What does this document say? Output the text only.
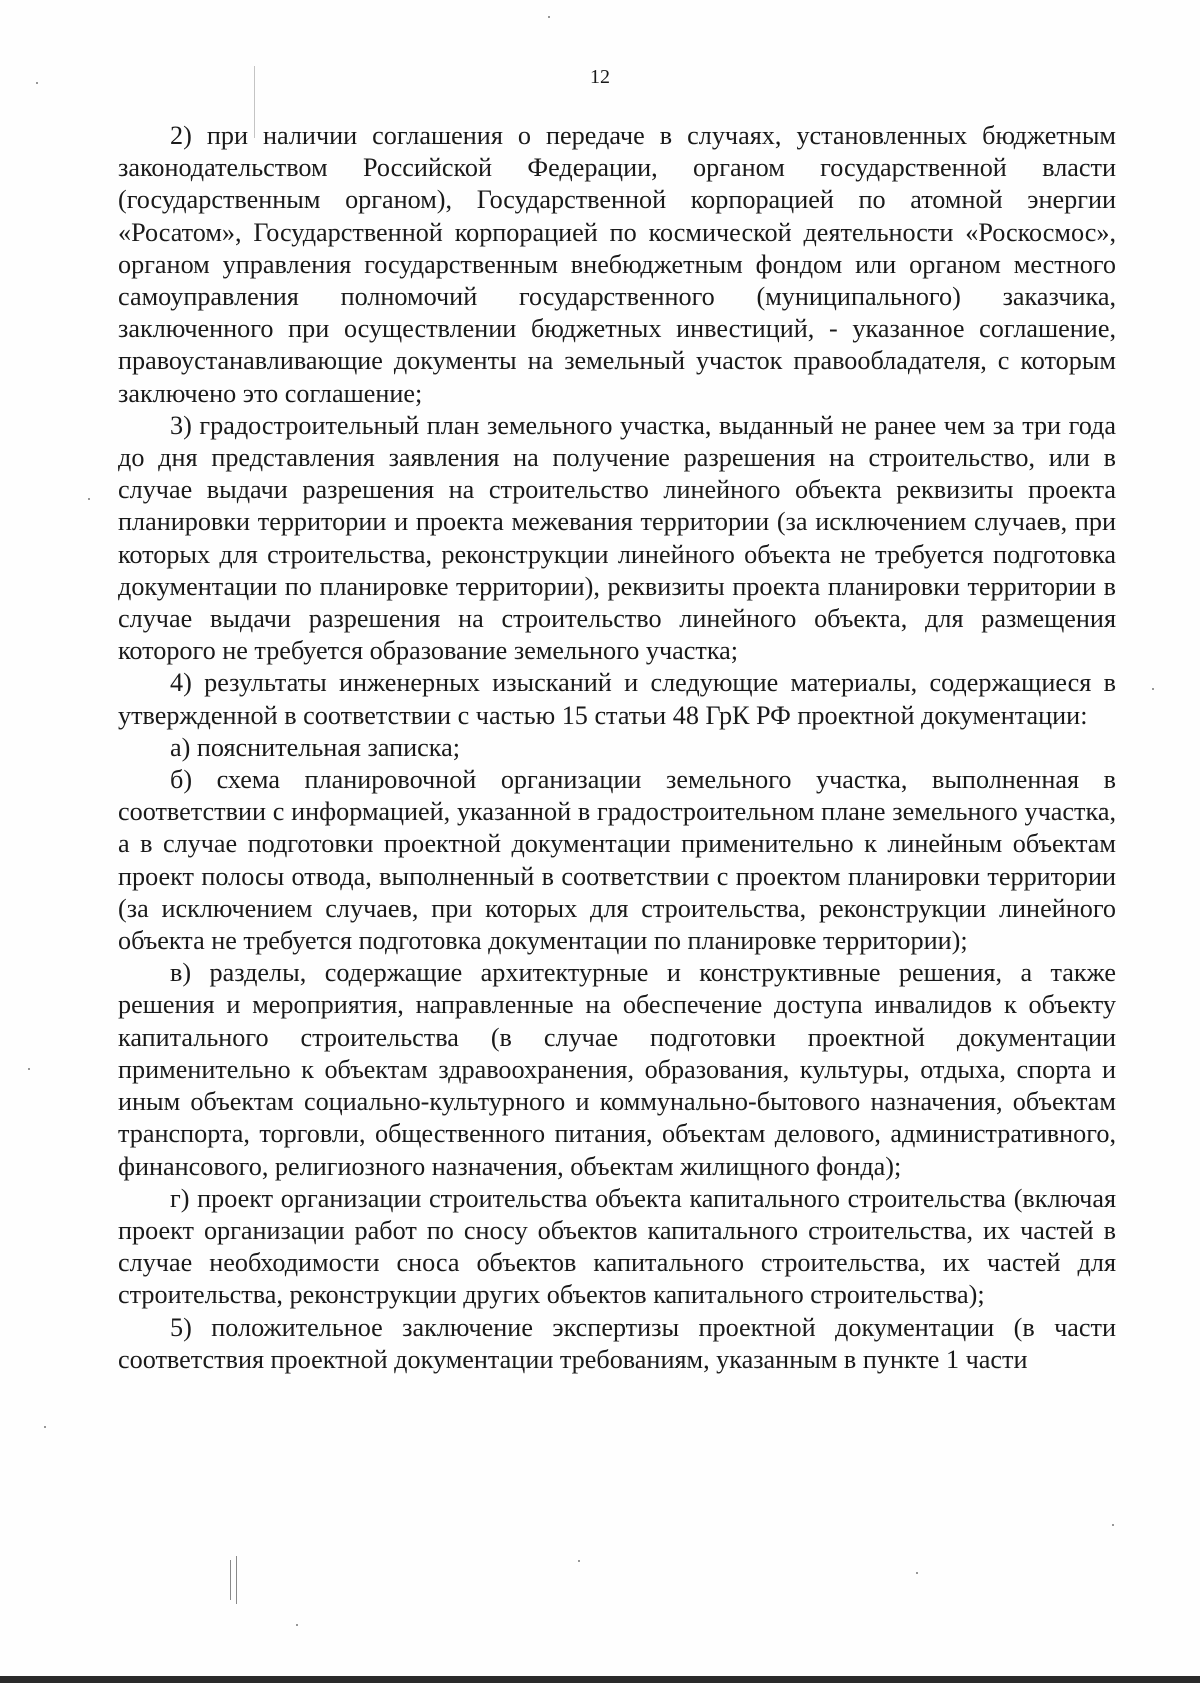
12

2) при наличии соглашения о передаче в случаях, установленных бюджетным законодательством Российской Федерации, органом государственной власти (государственным органом), Государственной корпорацией по атомной энергии «Росатом», Государственной корпорацией по космической деятельности «Роскосмос», органом управления государственным внебюджетным фондом или органом местного самоуправления полномочий государственного (муниципального) заказчика, заключенного при осуществлении бюджетных инвестиций, - указанное соглашение, правоустанавливающие документы на земельный участок правообладателя, с которым заключено это соглашение;

3) градостроительный план земельного участка, выданный не ранее чем за три года до дня представления заявления на получение разрешения на строительство, или в случае выдачи разрешения на строительство линейного объекта реквизиты проекта планировки территории и проекта межевания территории (за исключением случаев, при которых для строительства, реконструкции линейного объекта не требуется подготовка документации по планировке территории), реквизиты проекта планировки территории в случае выдачи разрешения на строительство линейного объекта, для размещения которого не требуется образование земельного участка;

4) результаты инженерных изысканий и следующие материалы, содержащиеся в утвержденной в соответствии с частью 15 статьи 48 ГрК РФ проектной документации:

а) пояснительная записка;

б) схема планировочной организации земельного участка, выполненная в соответствии с информацией, указанной в градостроительном плане земельного участка, а в случае подготовки проектной документации применительно к линейным объектам проект полосы отвода, выполненный в соответствии с проектом планировки территории (за исключением случаев, при которых для строительства, реконструкции линейного объекта не требуется подготовка документации по планировке территории);

в) разделы, содержащие архитектурные и конструктивные решения, а также решения и мероприятия, направленные на обеспечение доступа инвалидов к объекту капитального строительства (в случае подготовки проектной документации применительно к объектам здравоохранения, образования, культуры, отдыха, спорта и иным объектам социально-культурного и коммунально-бытового назначения, объектам транспорта, торговли, общественного питания, объектам делового, административного, финансового, религиозного назначения, объектам жилищного фонда);

г) проект организации строительства объекта капитального строительства (включая проект организации работ по сносу объектов капитального строительства, их частей в случае необходимости сноса объектов капитального строительства, их частей для строительства, реконструкции других объектов капитального строительства);

5) положительное заключение экспертизы проектной документации (в части соответствия проектной документации требованиям, указанным в пункте 1 части
